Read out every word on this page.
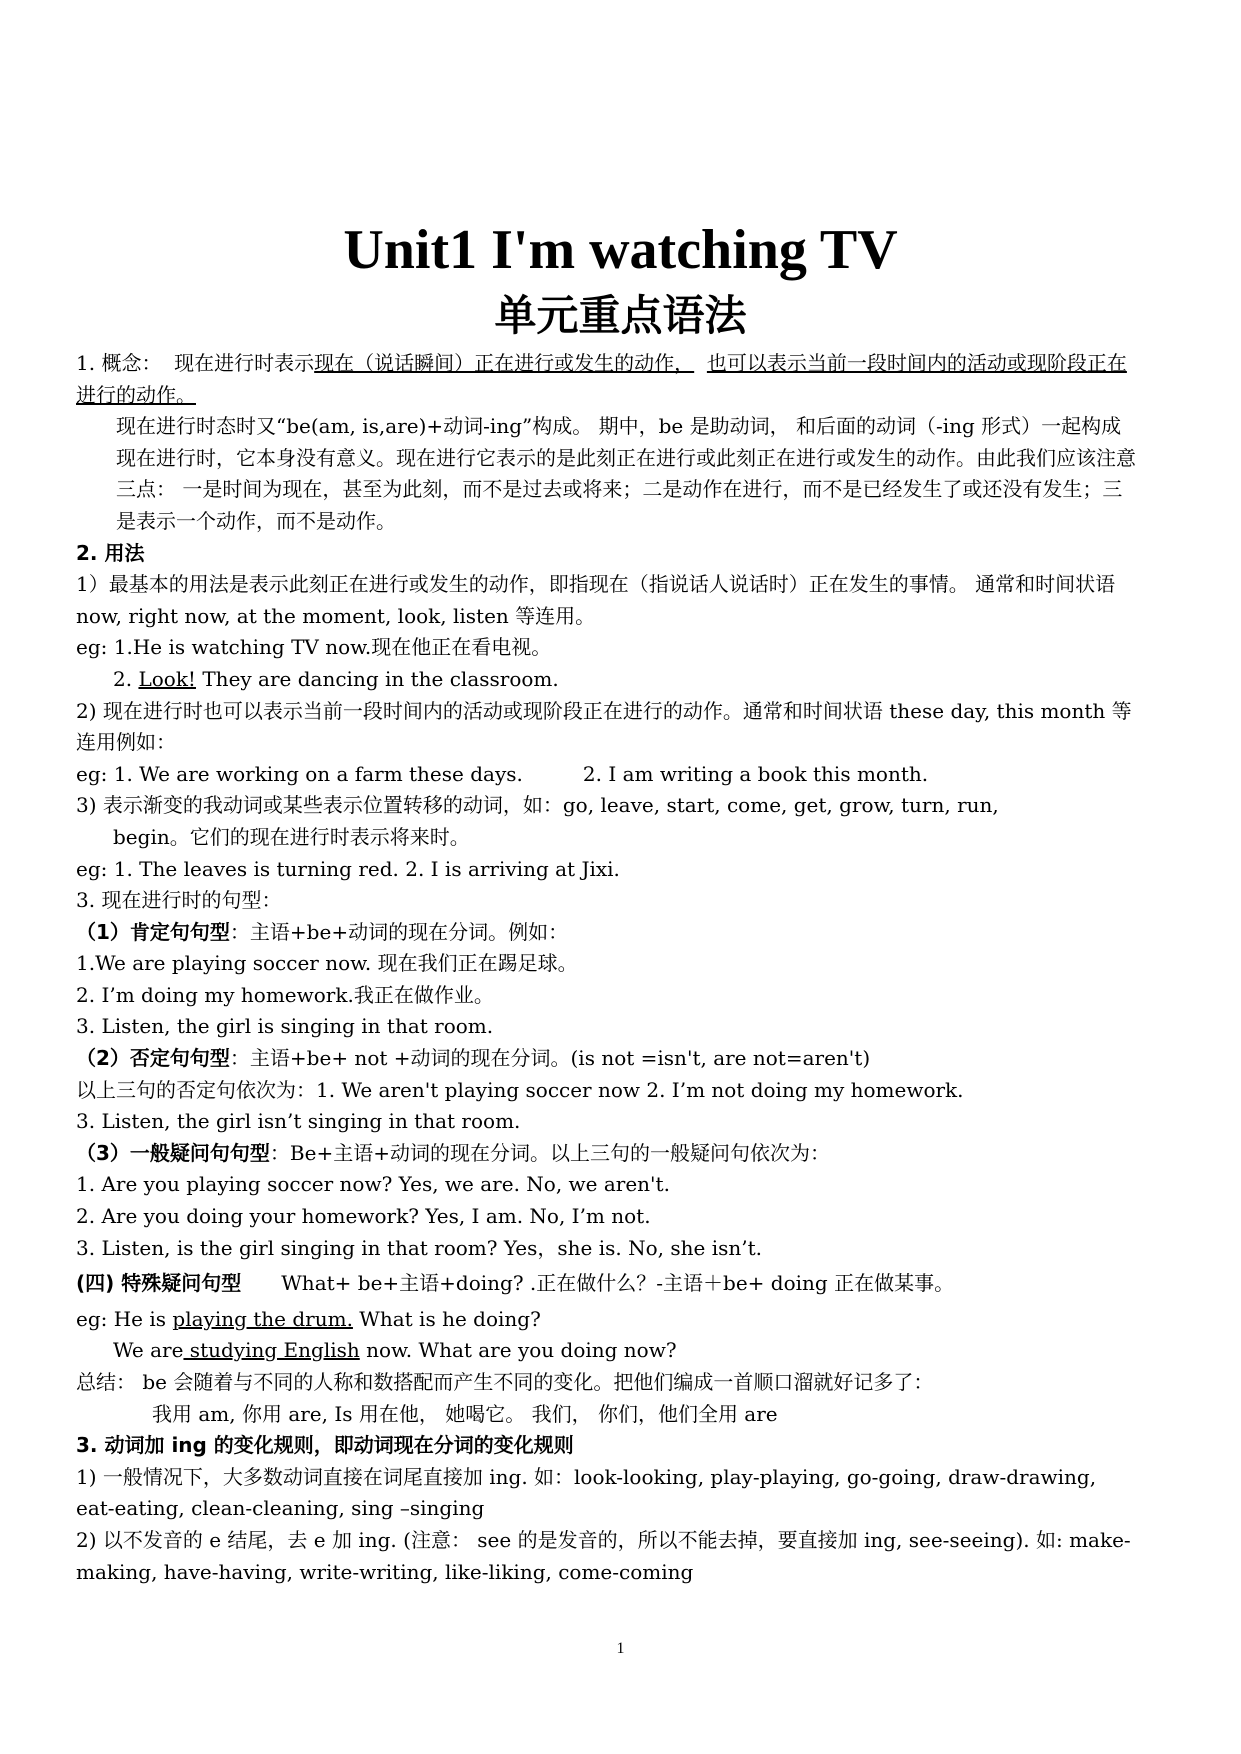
Unit1 I'm watching TV
单元重点语法

1. 概念： 现在进行时表示现在（说话瞬间）正在进行或发生的动作， 也可以表示当前一段时间内的活动或现阶段正在进行的动作。

现在进行时态时又“be(am, is,are)+动词-ing”构成。 期中，be 是助动词， 和后面的动词（-ing 形式）一起构成现在进行时，它本身没有意义。现在进行它表示的是此刻正在进行或此刻正在进行或发生的动作。由此我们应该注意三点： 一是时间为现在，甚至为此刻，而不是过去或将来；二是动作在进行，而不是已经发生了或还没有发生；三是表示一个动作，而不是动作。

2. 用法

1）最基本的用法是表示此刻正在进行或发生的动作，即指现在（指说话人说话时）正在发生的事情。 通常和时间状语 now, right now, at the moment, look, listen 等连用。

eg: 1.He is watching TV now.现在他正在看电视。

2. Look! They are dancing in the classroom.

2) 现在进行时也可以表示当前一段时间内的活动或现阶段正在进行的动作。通常和时间状语 these day, this month 等连用例如：

eg: 1. We are working on a farm these days.	2. I am writing a book this month.

3) 表示渐变的我动词或某些表示位置转移的动词，如：go, leave, start, come, get, grow, turn, run,

begin。它们的现在进行时表示将来时。

eg: 1. The leaves is turning red. 2. I is arriving at Jixi.

3. 现在进行时的句型：

（1）肯定句句型：主语+be+动词的现在分词。例如：

1.We are playing soccer now. 现在我们正在踢足球。

2. I’m doing my homework.我正在做作业。

3. Listen, the girl is singing in that room.

（2）否定句句型：主语+be+ not +动词的现在分词。(is not =isn't, are not=aren't)

以上三句的否定句依次为：1. We aren't playing soccer now 2. I’m not doing my homework.

3. Listen, the girl isn’t singing in that room.

（3）一般疑问句句型：Be+主语+动词的现在分词。以上三句的一般疑问句依次为：

1. Are you playing soccer now? Yes, we are. No, we aren't.

2. Are you doing your homework? Yes, I am. No, I’m not.

3. Listen, is the girl singing in that room? Yes，she is. No, she isn’t.

(四) 特殊疑问句型 What+ be+主语+doing? .正在做什么？-主语＋be+ doing 正在做某事。

eg: He is playing the drum. What is he doing?

We are studying English now. What are you doing now?

总结： be 会随着与不同的人称和数搭配而产生不同的变化。把他们编成一首顺口溜就好记多了：

我用 am, 你用 are, Is 用在他， 她喝它。 我们， 你们，他们全用 are

3. 动词加 ing 的变化规则，即动词现在分词的变化规则

1) 一般情况下，大多数动词直接在词尾直接加 ing. 如：look-looking, play-playing, go-going, draw-drawing, eat-eating, clean-cleaning, sing –singing

2) 以不发音的 e 结尾，去 e 加 ing. (注意： see 的是发音的，所以不能去掉，要直接加 ing, see-seeing). 如: make-making, have-having, write-writing, like-liking, come-coming

1
